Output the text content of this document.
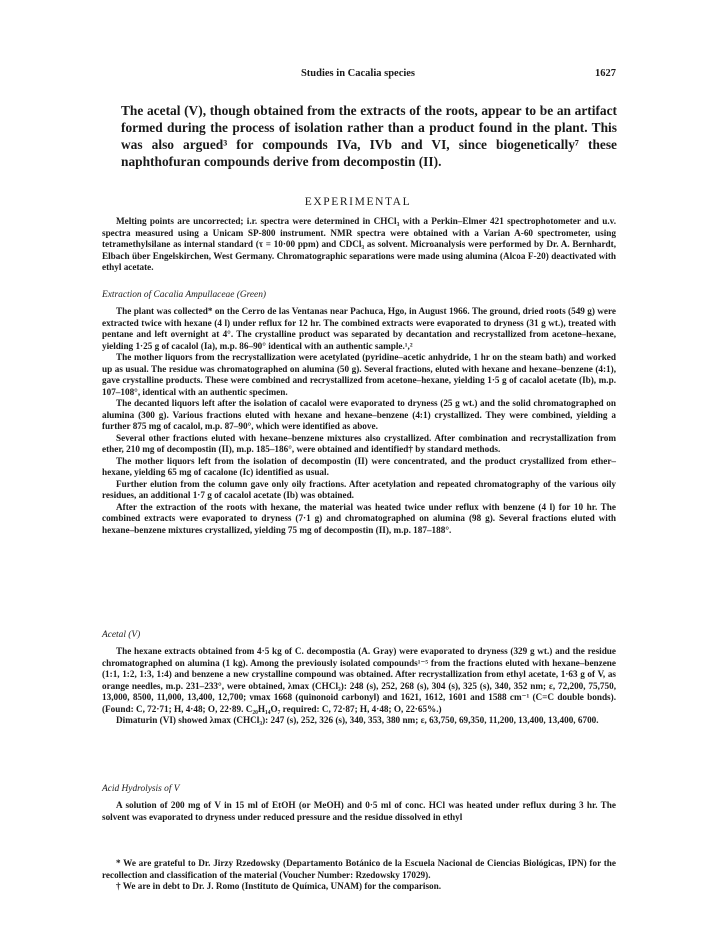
Studies in Cacalia species	1627

The acetal (V), though obtained from the extracts of the roots, appear to be an artifact formed during the process of isolation rather than a product found in the plant. This was also argued³ for compounds IVa, IVb and VI, since biogenetically⁷ these naphthofuran compounds derive from decompostin (II).

EXPERIMENTAL

Melting points are uncorrected; i.r. spectra were determined in CHCl₃ with a Perkin–Elmer 421 spectrophotometer and u.v. spectra measured using a Unicam SP-800 instrument. NMR spectra were obtained with a Varian A-60 spectrometer, using tetramethylsilane as internal standard (τ = 10·00 ppm) and CDCl₃ as solvent. Microanalysis were performed by Dr. A. Bernhardt, Elbach über Engelskirchen, West Germany. Chromatographic separations were made using alumina (Alcoa F-20) deactivated with ethyl acetate.

Extraction of Cacalia Ampullaceae (Green)

The plant was collected* on the Cerro de las Ventanas near Pachuca, Hgo, in August 1966. The ground, dried roots (549 g) were extracted twice with hexane (4 l) under reflux for 12 hr. The combined extracts were evaporated to dryness (31 g wt.), treated with pentane and left overnight at 4°. The crystalline product was separated by decantation and recrystallized from acetone–hexane, yielding 1·25 g of cacalol (Ia), m.p. 86–90° identical with an authentic sample.¹,²

The mother liquors from the recrystallization were acetylated (pyridine–acetic anhydride, 1 hr on the steam bath) and worked up as usual. The residue was chromatographed on alumina (50 g). Several fractions, eluted with hexane and hexane–benzene (4:1), gave crystalline products. These were combined and recrystallized from acetone–hexane, yielding 1·5 g of cacalol acetate (Ib), m.p. 107–108°, identical with an authentic specimen.

The decanted liquors left after the isolation of cacalol were evaporated to dryness (25 g wt.) and the solid chromatographed on alumina (300 g). Various fractions eluted with hexane and hexane–benzene (4:1) crystallized. They were combined, yielding a further 875 mg of cacalol, m.p. 87–90°, which were identified as above.

Several other fractions eluted with hexane–benzene mixtures also crystallized. After combination and recrystallization from ether, 210 mg of decompostin (II), m.p. 185–186°, were obtained and identified† by standard methods.

The mother liquors left from the isolation of decompostin (II) were concentrated, and the product crystallized from ether–hexane, yielding 65 mg of cacalone (Ic) identified as usual.

Further elution from the column gave only oily fractions. After acetylation and repeated chromatography of the various oily residues, an additional 1·7 g of cacalol acetate (Ib) was obtained.

After the extraction of the roots with hexane, the material was heated twice under reflux with benzene (4 l) for 10 hr. The combined extracts were evaporated to dryness (7·1 g) and chromatographed on alumina (98 g). Several fractions eluted with hexane–benzene mixtures crystallized, yielding 75 mg of decompostin (II), m.p. 187–188°.

Acetal (V)

The hexane extracts obtained from 4·5 kg of C. decompostia (A. Gray) were evaporated to dryness (329 g wt.) and the residue chromatographed on alumina (1 kg). Among the previously isolated compounds¹⁻⁵ from the fractions eluted with hexane–benzene (1:1, 1:2, 1:3, 1:4) and benzene a new crystalline compound was obtained. After recrystallization from ethyl acetate, 1·63 g of V, as orange needles, m.p. 231–233°, were obtained, λmax (CHCl₃): 248 (s), 252, 268 (s), 304 (s), 325 (s), 340, 352 nm; ε, 72,200, 75,750, 13,000, 8500, 11,000, 13,400, 12,700; νmax 1668 (quinonoid carbonyl) and 1621, 1612, 1601 and 1588 cm⁻¹ (C=C double bonds). (Found: C, 72·71; H, 4·48; O, 22·89. C₂₀H₁₄O₇ required: C, 72·87; H, 4·48; O, 22·65%.)

Dimaturin (VI) showed λmax (CHCl₃): 247 (s), 252, 326 (s), 340, 353, 380 nm; ε, 63,750, 69,350, 11,200, 13,400, 13,400, 6700.

Acid Hydrolysis of V

A solution of 200 mg of V in 15 ml of EtOH (or MeOH) and 0·5 ml of conc. HCl was heated under reflux during 3 hr. The solvent was evaporated to dryness under reduced pressure and the residue dissolved in ethyl

* We are grateful to Dr. Jirzy Rzedowsky (Departamento Botánico de la Escuela Nacional de Ciencias Biológicas, IPN) for the recollection and classification of the material (Voucher Number: Rzedowsky 17029).

† We are in debt to Dr. J. Romo (Instituto de Química, UNAM) for the comparison.
